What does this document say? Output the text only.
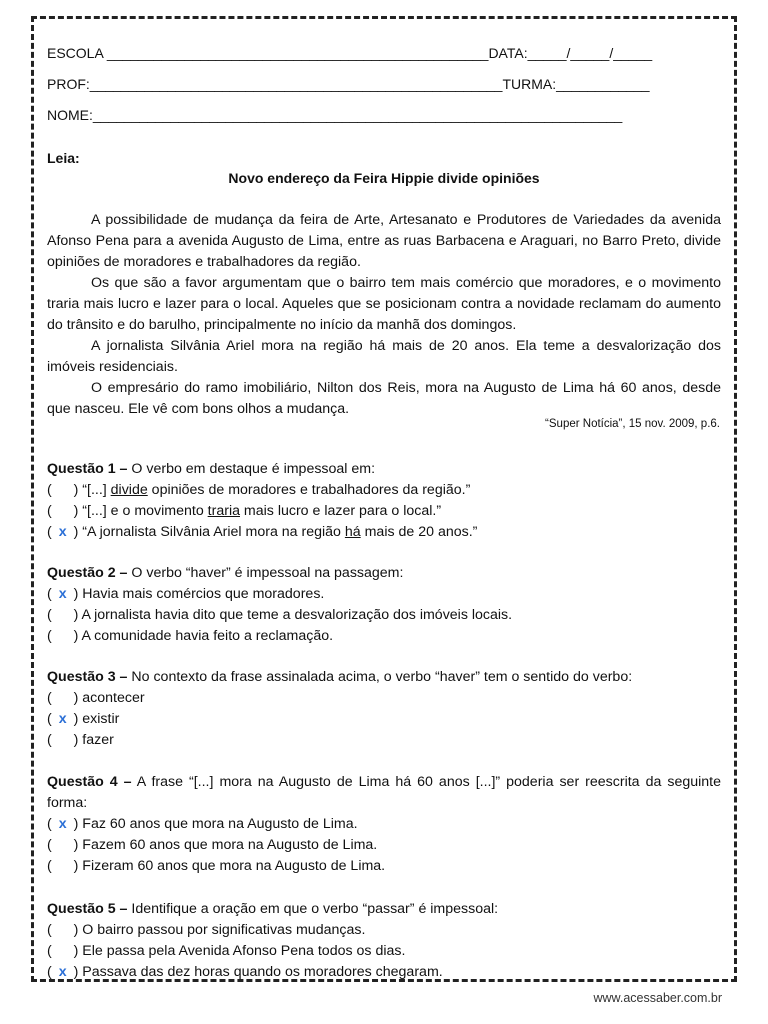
ESCOLA _________________________________________________DATA:_____/_____/_____
PROF:_____________________________________________________TURMA:____________
NOME:____________________________________________________________________
Leia:
Novo endereço da Feira Hippie divide opiniões

A possibilidade de mudança da feira de Arte, Artesanato e Produtores de Variedades da avenida Afonso Pena para a avenida Augusto de Lima, entre as ruas Barbacena e Araguari, no Barro Preto, divide opiniões de moradores e trabalhadores da região.

Os que são a favor argumentam que o bairro tem mais comércio que moradores, e o movimento traria mais lucro e lazer para o local. Aqueles que se posicionam contra a novidade reclamam do aumento do trânsito e do barulho, principalmente no início da manhã dos domingos.

A jornalista Silvânia Ariel mora na região há mais de 20 anos. Ela teme a desvalorização dos imóveis residenciais.

O empresário do ramo imobiliário, Nilton dos Reis, mora na Augusto de Lima há 60 anos, desde que nasceu. Ele vê com bons olhos a mudança.

“Super Notícia”, 15 nov. 2009, p.6.

Questão 1 – O verbo em destaque é impessoal em:

(  ) “[...] divide opiniões de moradores e trabalhadores da região.”

(  ) “[...] e o movimento traria mais lucro e lazer para o local.”

( x ) “A jornalista Silvânia Ariel mora na região há mais de 20 anos.”

Questão 2 – O verbo “haver” é impessoal na passagem:

( x ) Havia mais comércios que moradores.

(  ) A jornalista havia dito que teme a desvalorização dos imóveis locais.

(  ) A comunidade havia feito a reclamação.

Questão 3 – No contexto da frase assinalada acima, o verbo “haver” tem o sentido do verbo:

(  ) acontecer

( x ) existir

(  ) fazer

Questão 4 – A frase “[...] mora na Augusto de Lima há 60 anos [...]” poderia ser reescrita da seguinte forma:

( x ) Faz 60 anos que mora na Augusto de Lima.

(  ) Fazem 60 anos que mora na Augusto de Lima.

(  ) Fizeram 60 anos que mora na Augusto de Lima.

Questão 5 – Identifique a oração em que o verbo “passar” é impessoal:

(  ) O bairro passou por significativas mudanças.

(  ) Ele passa pela Avenida Afonso Pena todos os dias.

( x ) Passava das dez horas quando os moradores chegaram.

www.acessaber.com.br
